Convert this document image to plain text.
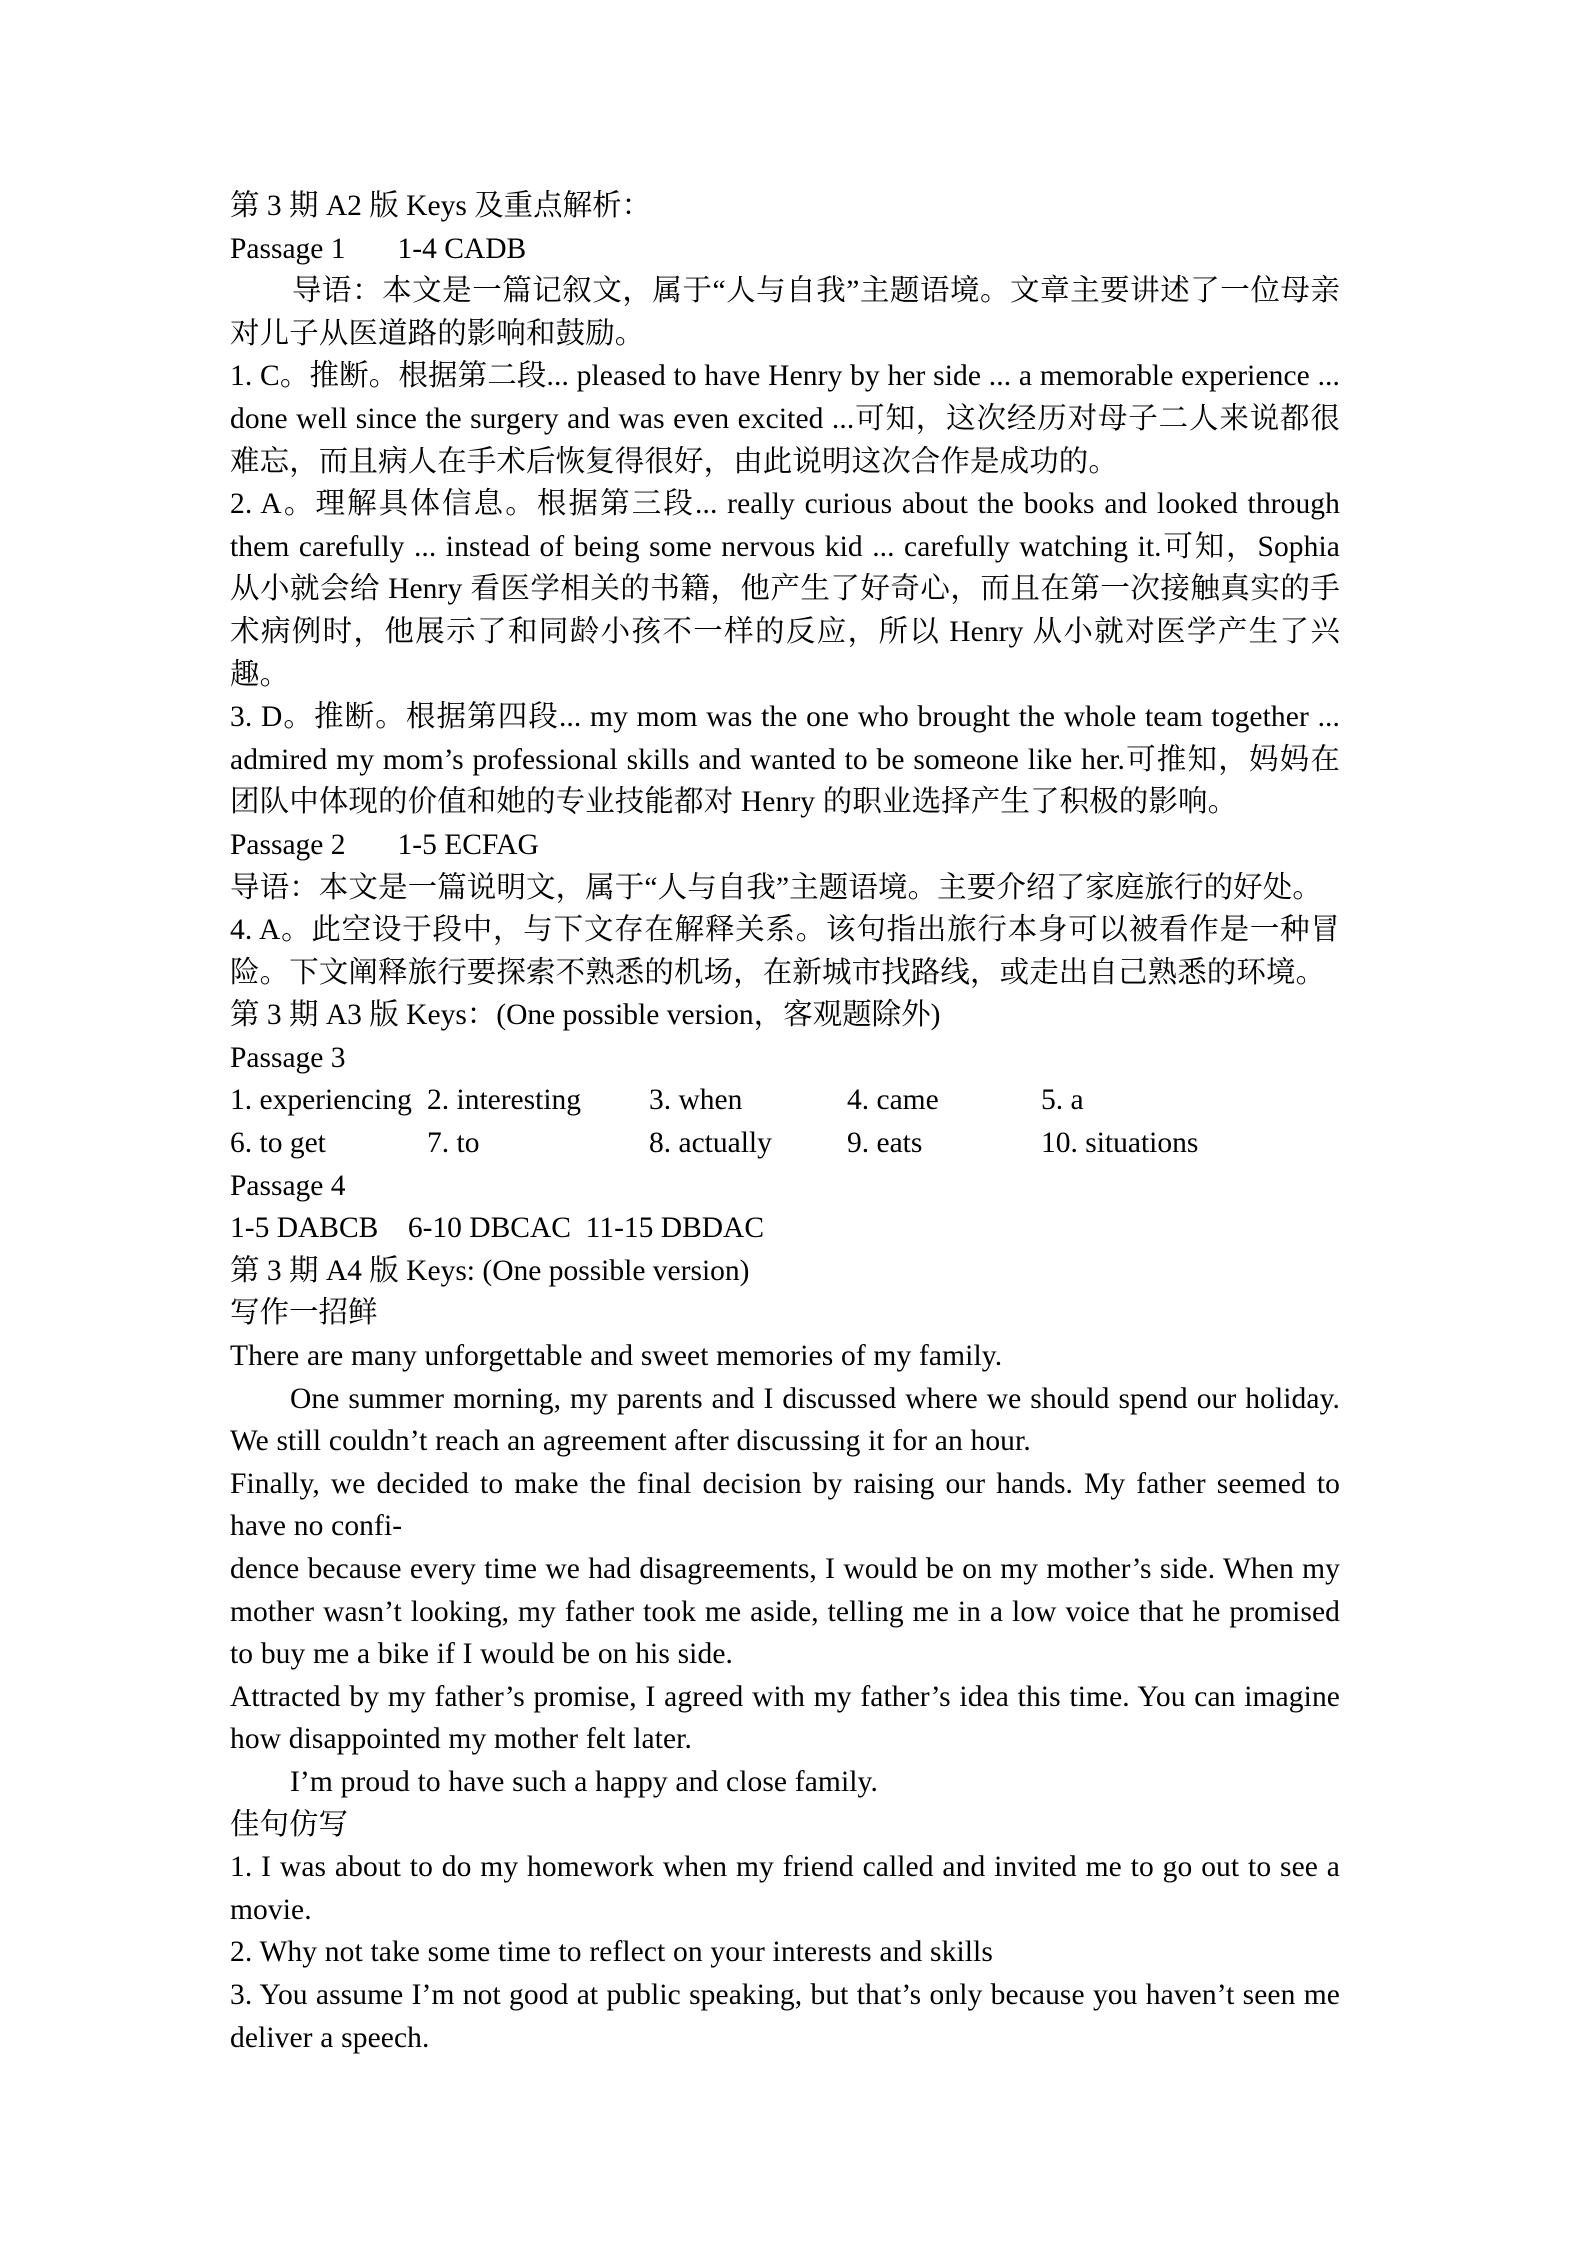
第 3 期 A2 版 Keys 及重点解析：

Passage 1 1-4 CADB

导语：本文是一篇记叙文，属于“人与自我”主题语境。文章主要讲述了一位母亲对儿子从医道路的影响和鼓励。

1. C。推断。根据第二段... pleased to have Henry by her side ... a memorable experience ... done well since the surgery and was even excited ...可知，这次经历对母子二人来说都很难忘，而且病人在手术后恢复得很好，由此说明这次合作是成功的。

2. A。理解具体信息。根据第三段... really curious about the books and looked through them carefully ... instead of being some nervous kid ... carefully watching it.可知，Sophia 从小就会给 Henry 看医学相关的书籍，他产生了好奇心，而且在第一次接触真实的手术病例时，他展示了和同龄小孩不一样的反应，所以 Henry 从小就对医学产生了兴趣。

3. D。推断。根据第四段... my mom was the one who brought the whole team together ... admired my mom’s professional skills and wanted to be someone like her.可推知，妈妈在团队中体现的价值和她的专业技能都对 Henry 的职业选择产生了积极的影响。

Passage 2 1-5 ECFAG

导语：本文是一篇说明文，属于“人与自我”主题语境。主要介绍了家庭旅行的好处。

4. A。此空设于段中，与下文存在解释关系。该句指出旅行本身可以被看作是一种冒险。下文阐释旅行要探索不熟悉的机场，在新城市找路线，或走出自己熟悉的环境。

第 3 期 A3 版 Keys：(One possible version，客观题除外)

Passage 3

1. experiencing 2. interesting	3. when	4. came	5. a
6. to get	7. to	8. actually	9. eats	10. situations

Passage 4

1-5 DABCB    6-10 DBCAC  11-15 DBDAC

第 3 期 A4 版 Keys: (One possible version)

写作一招鲜

There are many unforgettable and sweet memories of my family.

One summer morning, my parents and I discussed where we should spend our holiday. We still couldn’t reach an agreement after discussing it for an hour.

Finally, we decided to make the final decision by raising our hands. My father seemed to have no confi-

dence because every time we had disagreements, I would be on my mother’s side. When my mother wasn’t looking, my father took me aside, telling me in a low voice that he promised to buy me a bike if I would be on his side.

Attracted by my father’s promise, I agreed with my father’s idea this time. You can imagine how disappointed my mother felt later.

I’m proud to have such a happy and close family.

佳句仿写

1. I was about to do my homework when my friend called and invited me to go out to see a movie.

2. Why not take some time to reflect on your interests and skills

3. You assume I’m not good at public speaking, but that’s only because you haven’t seen me deliver a speech.
